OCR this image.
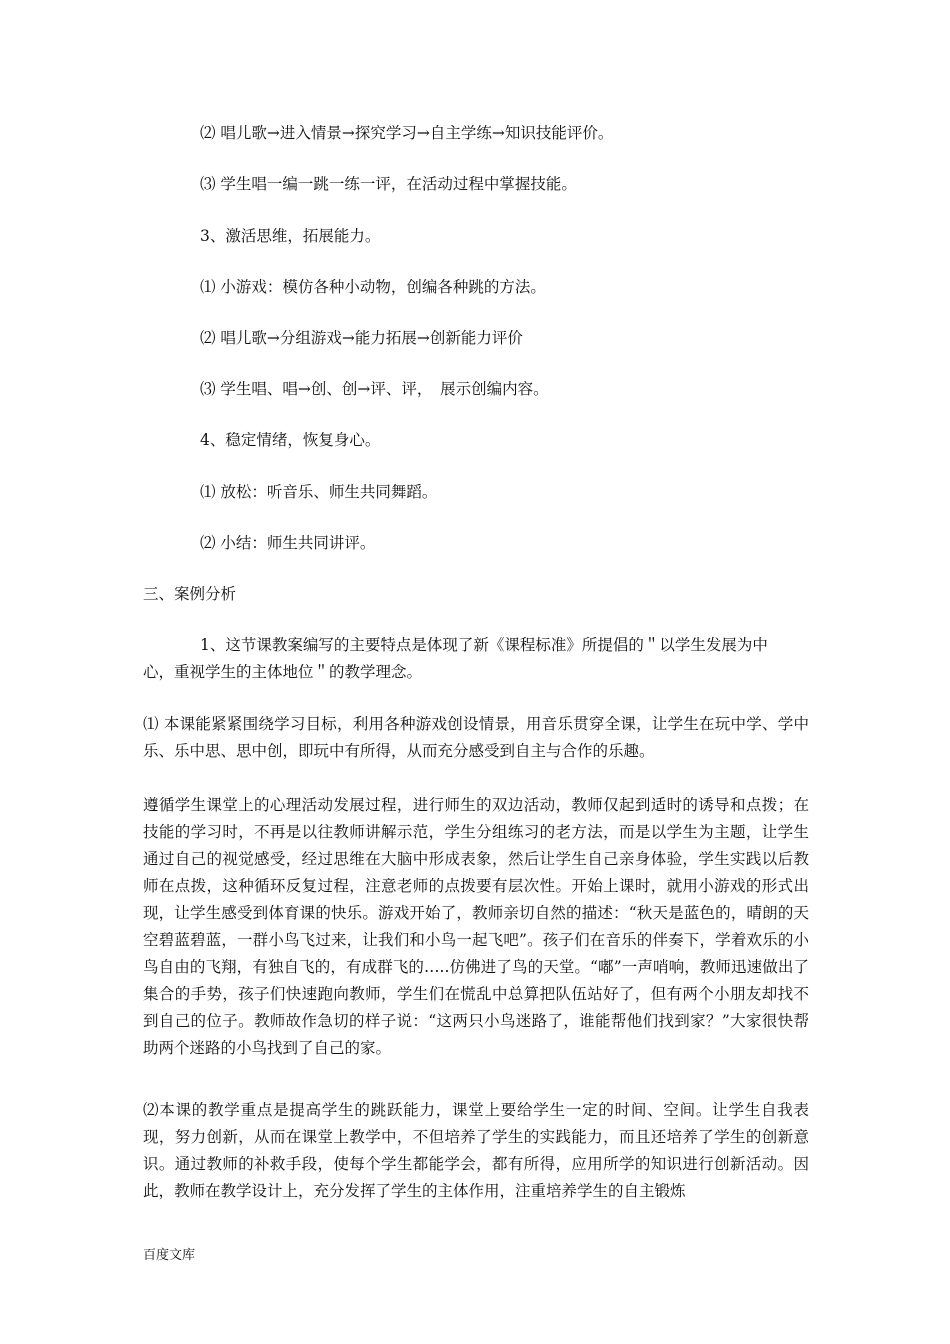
⑵ 唱儿歌→进入情景→探究学习→自主学练→知识技能评价。
⑶ 学生唱一编一跳一练一评，在活动过程中掌握技能。
3、激活思维，拓展能力。
⑴ 小游戏：模仿各种小动物，创编各种跳的方法。
⑵ 唱儿歌→分组游戏→能力拓展→创新能力评价
⑶ 学生唱、唱→创、创→评、评，　展示创编内容。
4、稳定情绪，恢复身心。
⑴ 放松：听音乐、师生共同舞蹈。
⑵ 小结：师生共同讲评。
三、案例分析
1、这节课教案编写的主要特点是体现了新《课程标准》所提倡的＂以学生发展为中
心，重视学生的主体地位＂的教学理念。

⑴ 本课能紧紧围绕学习目标，利用各种游戏创设情景，用音乐贯穿全课，让学生在玩中学、学中乐、乐中思、思中创，即玩中有所得，从而充分感受到自主与合作的乐趣。

遵循学生课堂上的心理活动发展过程，进行师生的双边活动，教师仅起到适时的诱导和点拨；在技能的学习时，不再是以往教师讲解示范，学生分组练习的老方法，而是以学生为主题，让学生通过自己的视觉感受，经过思维在大脑中形成表象，然后让学生自己亲身体验，学生实践以后教师在点拨，这种循环反复过程，注意老师的点拨要有层次性。开始上课时，就用小游戏的形式出现，让学生感受到体育课的快乐。游戏开始了，教师亲切自然的描述：“秋天是蓝色的，晴朗的天空碧蓝碧蓝，一群小鸟飞过来，让我们和小鸟一起飞吧”。孩子们在音乐的伴奏下，学着欢乐的小鸟自由的飞翔，有独自飞的，有成群飞的…..仿佛进了鸟的天堂。“嘟”一声哨响，教师迅速做出了集合的手势，孩子们快速跑向教师，学生们在慌乱中总算把队伍站好了，但有两个小朋友却找不到自己的位子。教师故作急切的样子说：“这两只小鸟迷路了，谁能帮他们找到家？”大家很快帮助两个迷路的小鸟找到了自己的家。

⑵本课的教学重点是提高学生的跳跃能力，课堂上要给学生一定的时间、空间。让学生自我表现，努力创新，从而在课堂上教学中，不但培养了学生的实践能力，而且还培养了学生的创新意识。通过教师的补救手段，使每个学生都能学会，都有所得，应用所学的知识进行创新活动。因此，教师在教学设计上，充分发挥了学生的主体作用，注重培养学生的自主锻炼

百度文库
